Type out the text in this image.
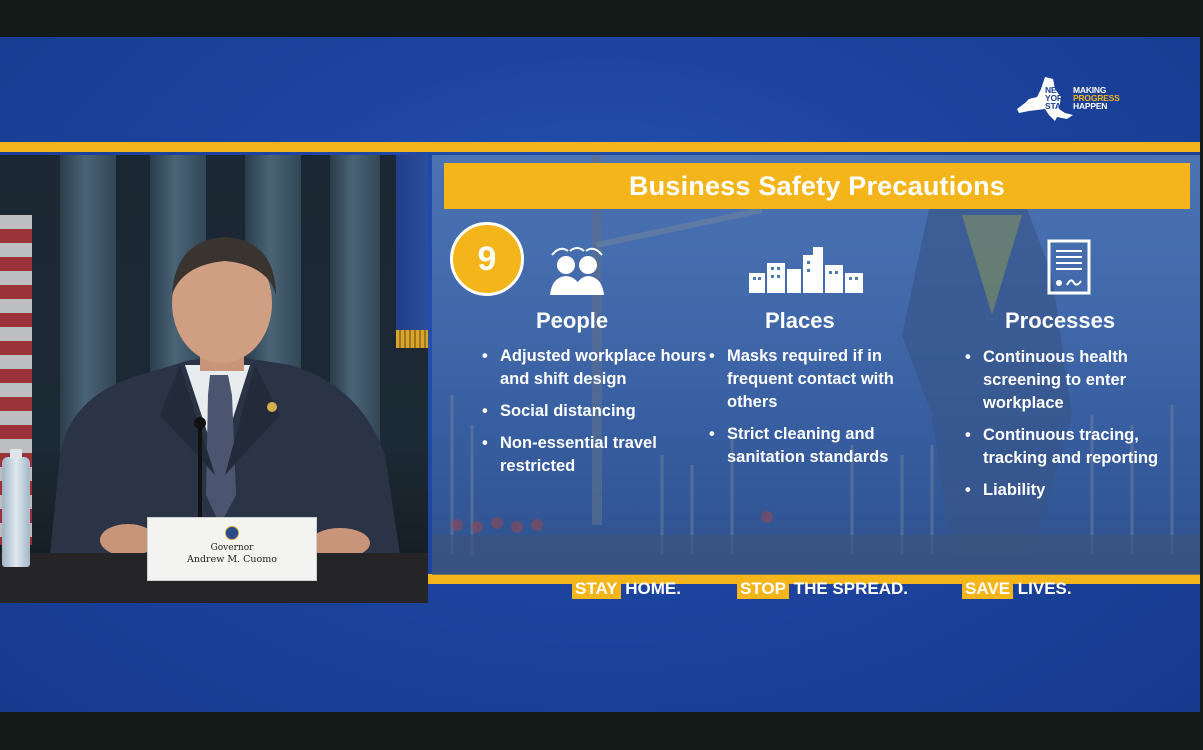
NEW
YORK
STATE
MAKING
PROGRESS
HAPPEN
Governor
Andrew M. Cuomo
Business Safety Precautions
9
People
• Adjusted workplace hours and shift design
• Social distancing
• Non-essential travel restricted
Places
• Masks required if in frequent contact with others
• Strict cleaning and sanitation standards
Processes
• Continuous health screening to enter workplace
• Continuous tracing, tracking and reporting
• Liability
STAY HOME.	STOP THE SPREAD.	SAVE LIVES.
